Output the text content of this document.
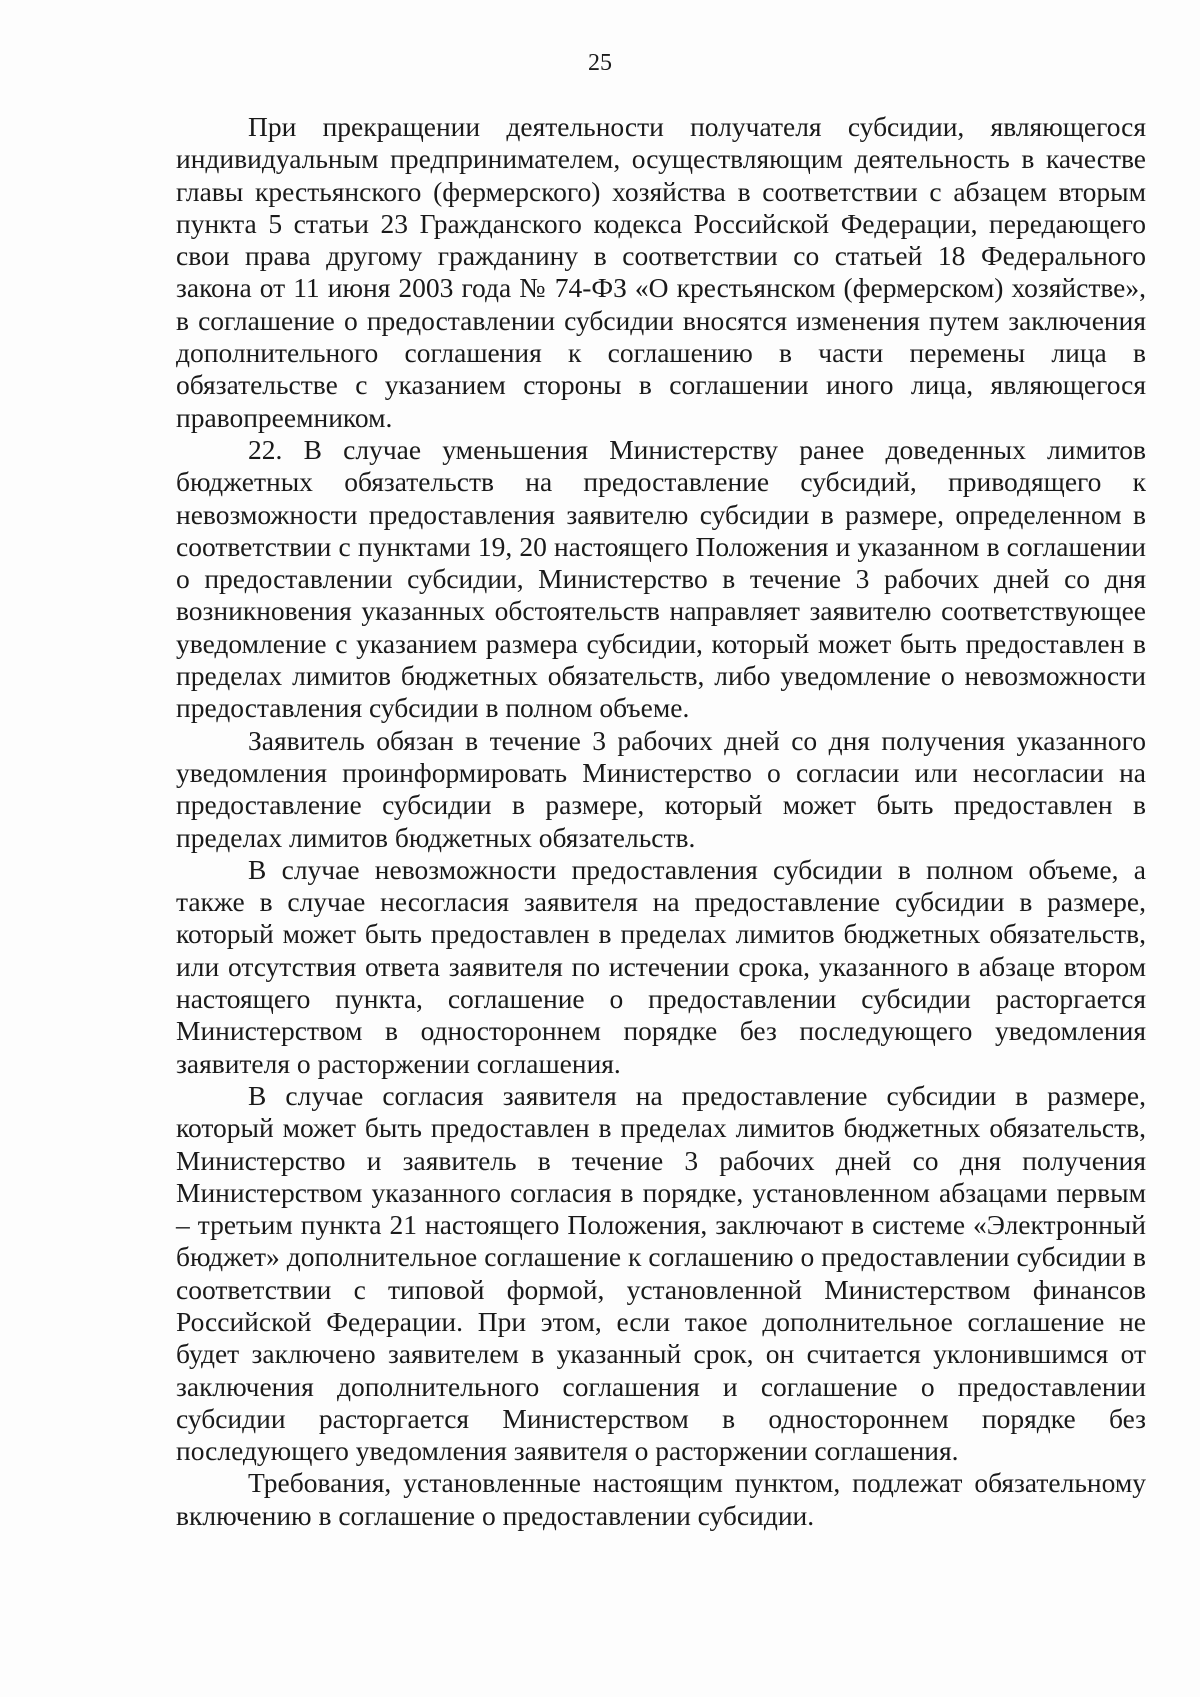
25

При прекращении деятельности получателя субсидии, являющегося индивидуальным предпринимателем, осуществляющим деятельность в качестве главы крестьянского (фермерского) хозяйства в соответствии с абзацем вторым пункта 5 статьи 23 Гражданского кодекса Российской Федерации, передающего свои права другому гражданину в соответствии со статьей 18 Федерального закона от 11 июня 2003 года № 74-ФЗ «О крестьянском (фермерском) хозяйстве», в соглашение о предоставлении субсидии вносятся изменения путем заключения дополнительного соглашения к соглашению в части перемены лица в обязательстве с указанием стороны в соглашении иного лица, являющегося правопреемником.

22. В случае уменьшения Министерству ранее доведенных лимитов бюджетных обязательств на предоставление субсидий, приводящего к невозможности предоставления заявителю субсидии в размере, определенном в соответствии с пунктами 19, 20 настоящего Положения и указанном в соглашении о предоставлении субсидии, Министерство в течение 3 рабочих дней со дня возникновения указанных обстоятельств направляет заявителю соответствующее уведомление с указанием размера субсидии, который может быть предоставлен в пределах лимитов бюджетных обязательств, либо уведомление о невозможности предоставления субсидии в полном объеме.

Заявитель обязан в течение 3 рабочих дней со дня получения указанного уведомления проинформировать Министерство о согласии или несогласии на предоставление субсидии в размере, который может быть предоставлен в пределах лимитов бюджетных обязательств.

В случае невозможности предоставления субсидии в полном объеме, а также в случае несогласия заявителя на предоставление субсидии в размере, который может быть предоставлен в пределах лимитов бюджетных обязательств, или отсутствия ответа заявителя по истечении срока, указанного в абзаце втором настоящего пункта, соглашение о предоставлении субсидии расторгается Министерством в одностороннем порядке без последующего уведомления заявителя о расторжении соглашения.

В случае согласия заявителя на предоставление субсидии в размере, который может быть предоставлен в пределах лимитов бюджетных обязательств, Министерство и заявитель в течение 3 рабочих дней со дня получения Министерством указанного согласия в порядке, установленном абзацами первым – третьим пункта 21 настоящего Положения, заключают в системе «Электронный бюджет» дополнительное соглашение к соглашению о предоставлении субсидии в соответствии с типовой формой, установленной Министерством финансов Российской Федерации. При этом, если такое дополнительное соглашение не будет заключено заявителем в указанный срок, он считается уклонившимся от заключения дополнительного соглашения и соглашение о предоставлении субсидии расторгается Министерством в одностороннем порядке без последующего уведомления заявителя о расторжении соглашения.

Требования, установленные настоящим пунктом, подлежат обязательному включению в соглашение о предоставлении субсидии.
